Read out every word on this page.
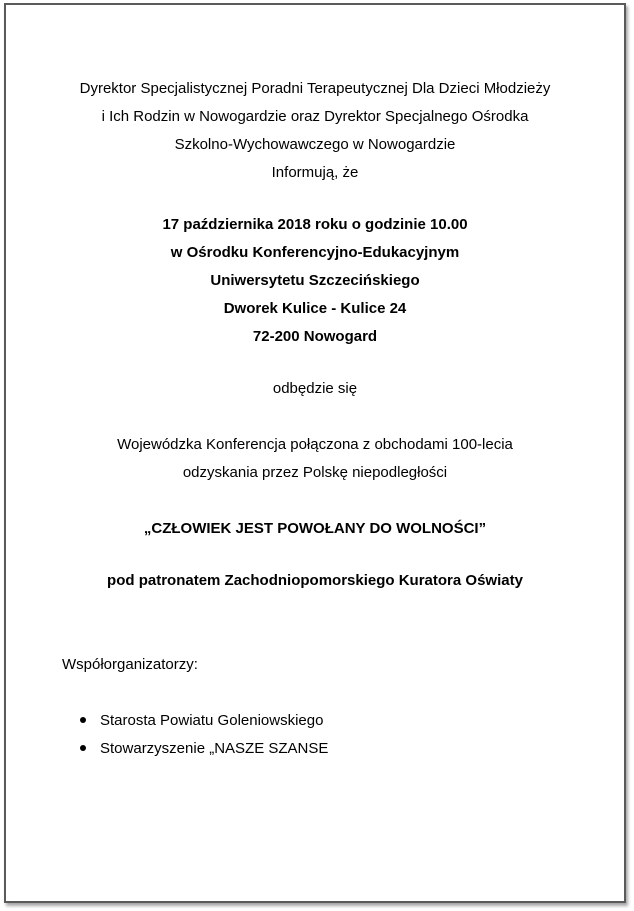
Dyrektor Specjalistycznej Poradni Terapeutycznej Dla Dzieci Młodzieży
i Ich Rodzin w Nowogardzie oraz Dyrektor Specjalnego Ośrodka
Szkolno-Wychowawczego w Nowogardzie
Informują, że
17 października 2018 roku o godzinie 10.00
w Ośrodku Konferencyjno-Edukacyjnym
Uniwersytetu Szczecińskiego
Dworek Kulice - Kulice 24
72-200 Nowogard
odbędzie się
Wojewódzka Konferencja połączona z obchodami 100-lecia
odzyskania przez Polskę niepodległości
„CZŁOWIEK JEST POWOŁANY DO WOLNOŚCI”
pod patronatem Zachodniopomorskiego Kuratora Oświaty
Współorganizatorzy:
Starosta Powiatu Goleniowskiego
Stowarzyszenie „NASZE SZANSE
